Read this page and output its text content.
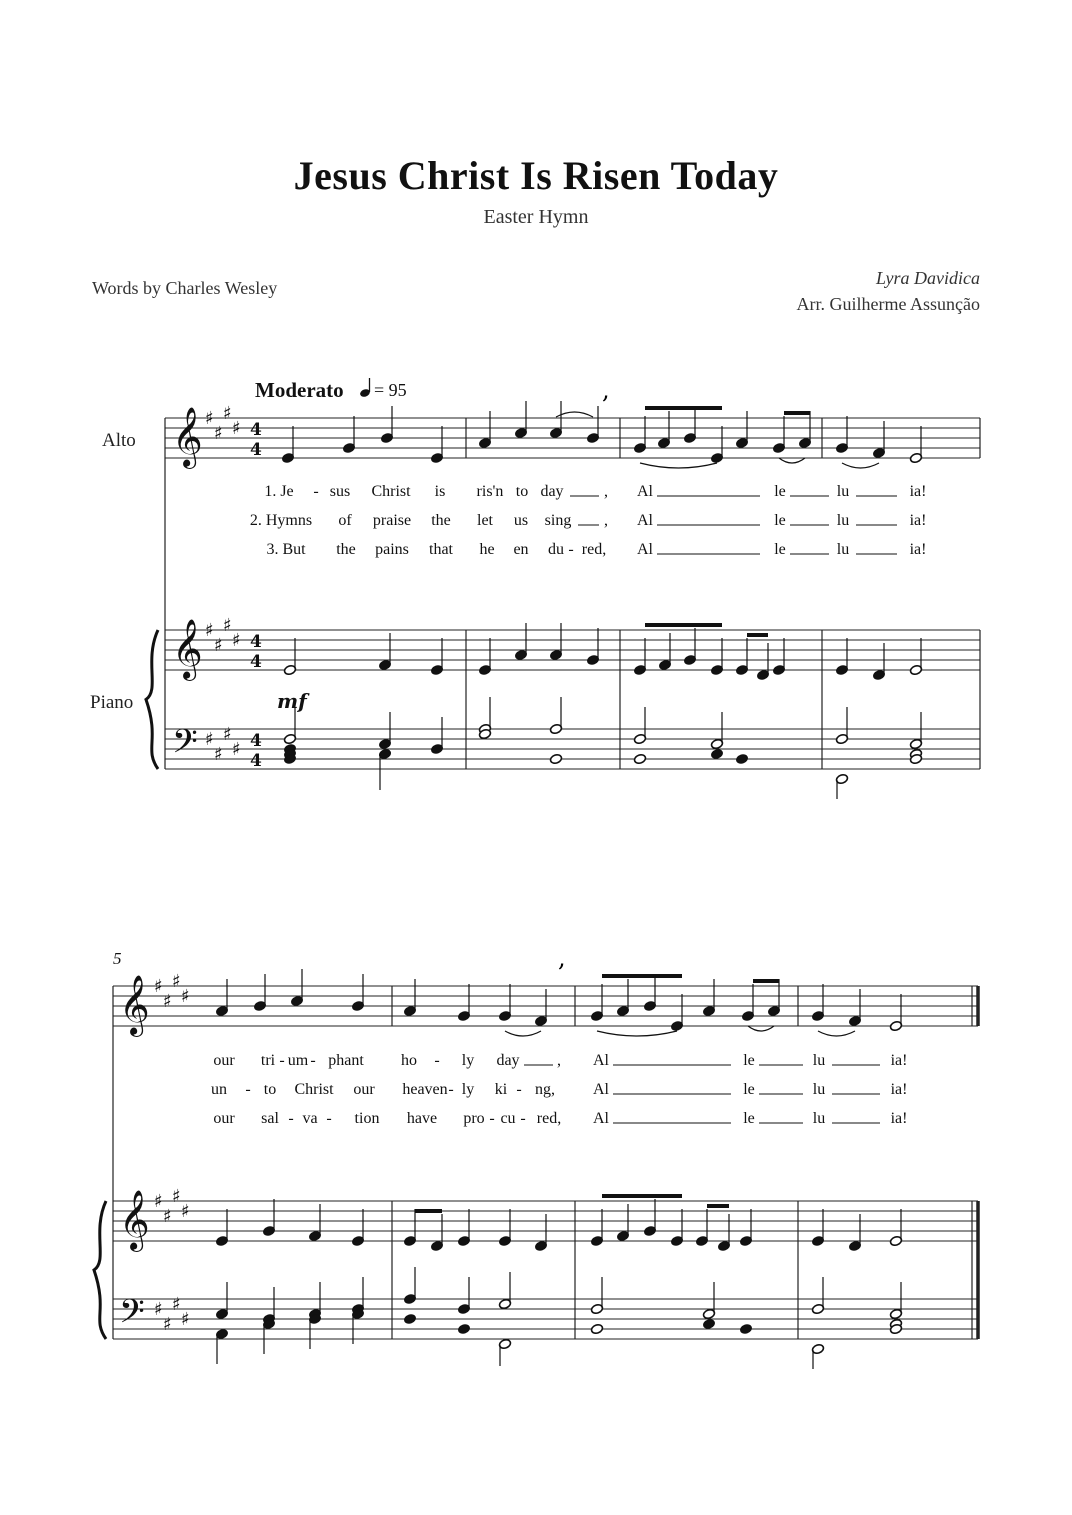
Jesus Christ Is Risen Today
Easter Hymn
Words by Charles Wesley	Lyra Davidica
Arr. Guilherme Assunção
Moderato = 95	,
Alto
Piano
𝄞
𝄞
𝄢
♯
♯
♯
♯
♯
♯
♯
♯
♯
♯
♯
♯
4
4
4
4
4
4
mf
1. Je - sus Christ is ris'n to day	, Al	le	lu	ia!
2. Hymns of praise the let us sing , Al	le	lu	ia!
3. But the pains that he en du - red, Al	le	lu	ia!
5	,
𝄞
𝄞
𝄢
♯
♯
♯
♯
♯
♯
♯
♯
♯
♯
♯
♯
our tri - um - phant ho - ly day , Al	le	lu	ia!
un - to Christ our heaven - ly ki - ng, Al	le	lu	ia!
our sal - va - tion have pro - cu - red, Al	le	lu	ia!
